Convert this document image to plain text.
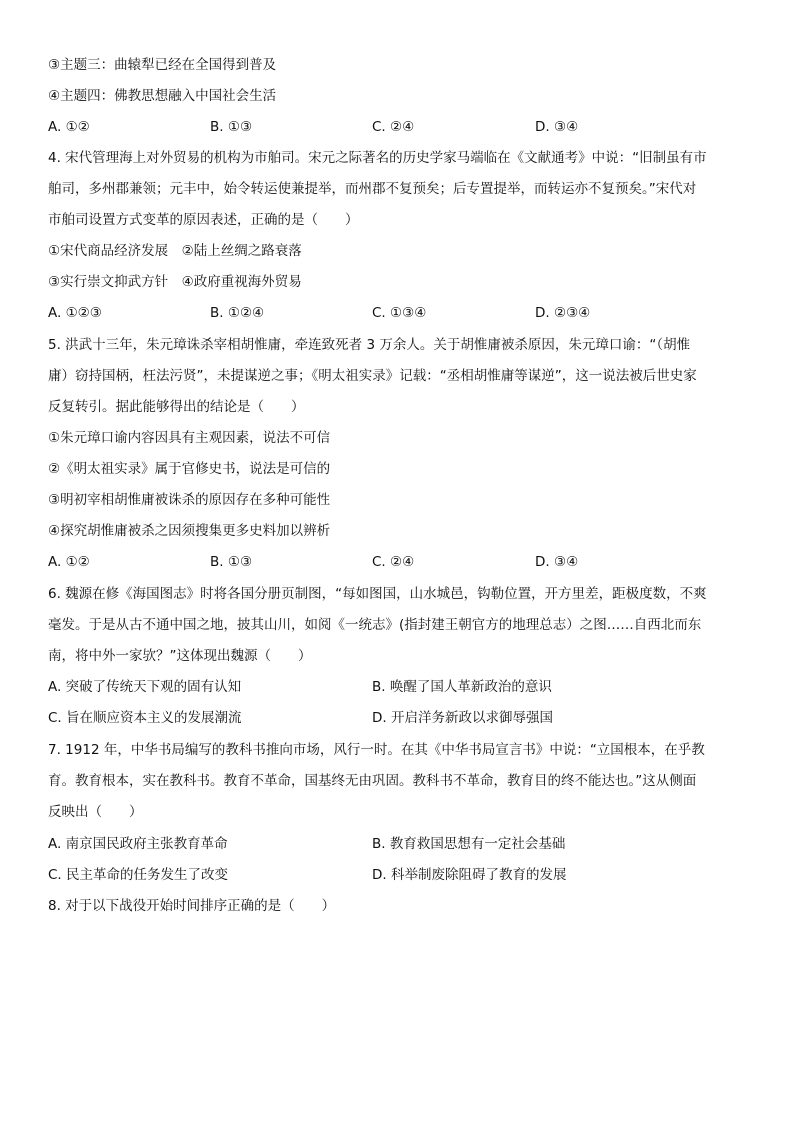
③主题三：曲辕犁已经在全国得到普及
④主题四：佛教思想融入中国社会生活
A. ①②	B. ①③	C. ②④	D. ③④
4. 宋代管理海上对外贸易的机构为市舶司。宋元之际著名的历史学家马端临在《文献通考》中说：“旧制虽有市
舶司，多州郡兼领；元丰中，始令转运使兼提举，而州郡不复预矣；后专置提举，而转运亦不复预矣。”宋代对
市舶司设置方式变革的原因表述，正确的是（　　）
①宋代商品经济发展　②陆上丝绸之路衰落
③实行崇文抑武方针　④政府重视海外贸易
A. ①②③	B. ①②④	C. ①③④	D. ②③④
5. 洪武十三年，朱元璋诛杀宰相胡惟庸，牵连致死者 3 万余人。关于胡惟庸被杀原因，朱元璋口谕：“（胡惟
庸）窃持国柄，枉法污贤”，未提谋逆之事；《明太祖实录》记载：“丞相胡惟庸等谋逆”，这一说法被后世史家
反复转引。据此能够得出的结论是（　　）
①朱元璋口谕内容因具有主观因素，说法不可信
②《明太祖实录》属于官修史书，说法是可信的
③明初宰相胡惟庸被诛杀的原因存在多种可能性
④探究胡惟庸被杀之因须搜集更多史料加以辨析
A. ①②	B. ①③	C. ②④	D. ③④
6. 魏源在修《海国图志》时将各国分册页制图，“每如图国，山水城邑，钩勒位置，开方里差，距极度数，不爽
毫发。于是从古不通中国之地，披其山川，如阅《一统志》(指封建王朝官方的地理总志）之图……自西北而东
南，将中外一家欤？”这体现出魏源（　　）
A. 突破了传统天下观的固有认知	B. 唤醒了国人革新政治的意识
C. 旨在顺应资本主义的发展潮流	D. 开启洋务新政以求御辱强国
7. 1912 年，中华书局编写的教科书推向市场，风行一时。在其《中华书局宣言书》中说：“立国根本，在乎教
育。教育根本，实在教科书。教育不革命，国基终无由巩固。教科书不革命，教育目的终不能达也。”这从侧面
反映出（　　）
A. 南京国民政府主张教育革命	B. 教育救国思想有一定社会基础
C. 民主革命的任务发生了改变	D. 科举制废除阻碍了教育的发展
8. 对于以下战役开始时间排序正确的是（　　）
